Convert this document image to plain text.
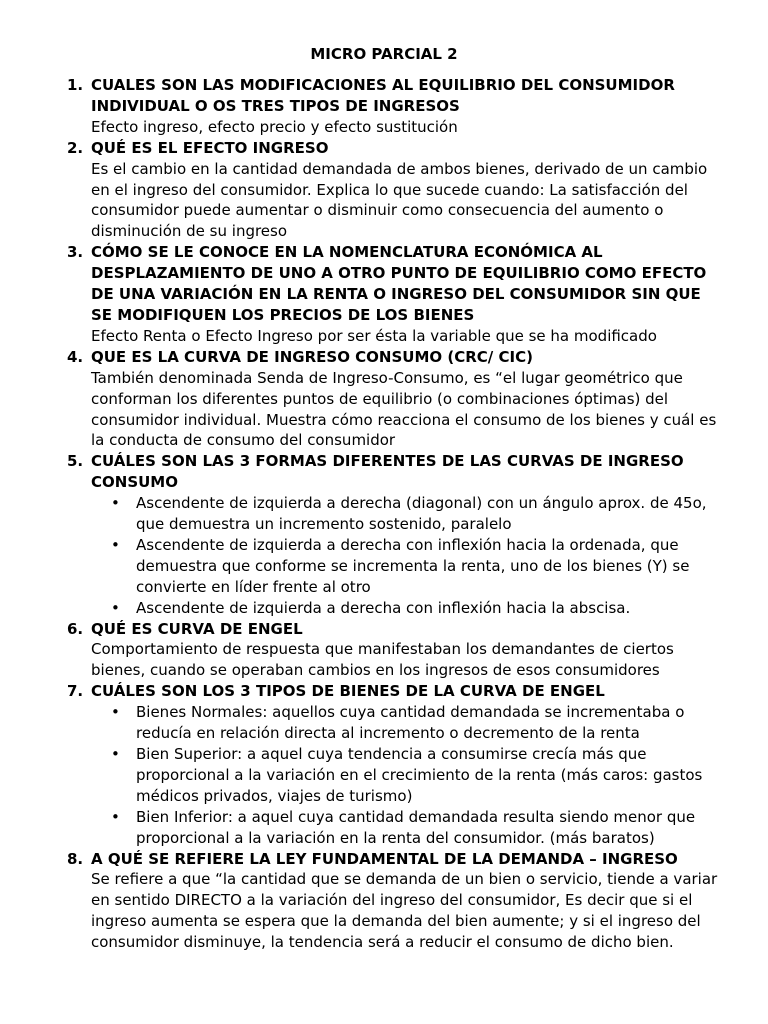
MICRO PARCIAL 2
1. CUALES SON LAS MODIFICACIONES AL EQUILIBRIO DEL CONSUMIDOR INDIVIDUAL O OS TRES TIPOS DE INGRESOS
Efecto ingreso, efecto precio y efecto sustitución
2. QUÉ ES EL EFECTO INGRESO
Es el cambio en la cantidad demandada de ambos bienes, derivado de un cambio en el ingreso del consumidor. Explica lo que sucede cuando: La satisfacción del consumidor puede aumentar o disminuir como consecuencia del aumento o disminución de su ingreso
3. CÓMO SE LE CONOCE EN LA NOMENCLATURA ECONÓMICA AL DESPLAZAMIENTO DE UNO A OTRO PUNTO DE EQUILIBRIO COMO EFECTO DE UNA VARIACIÓN EN LA RENTA O INGRESO DEL CONSUMIDOR SIN QUE SE MODIFIQUEN LOS PRECIOS DE LOS BIENES
Efecto Renta o Efecto Ingreso por ser ésta la variable que se ha modificado
4. QUE ES LA CURVA DE INGRESO CONSUMO (CRC/ CIC)
También denominada Senda de Ingreso-Consumo, es “el lugar geométrico que conforman los diferentes puntos de equilibrio (o combinaciones óptimas) del consumidor individual. Muestra cómo reacciona el consumo de los bienes y cuál es la conducta de consumo del consumidor
5. CUÁLES SON LAS 3 FORMAS DIFERENTES DE LAS CURVAS DE INGRESO CONSUMO
• Ascendente de izquierda a derecha (diagonal) con un ángulo aprox. de 45o, que demuestra un incremento sostenido, paralelo
• Ascendente de izquierda a derecha con inflexión hacia la ordenada, que demuestra que conforme se incrementa la renta, uno de los bienes (Y) se convierte en líder frente al otro
• Ascendente de izquierda a derecha con inflexión hacia la abscisa.
6. QUÉ ES CURVA DE ENGEL
Comportamiento de respuesta que manifestaban los demandantes de ciertos bienes, cuando se operaban cambios en los ingresos de esos consumidores
7. CUÁLES SON LOS 3 TIPOS DE BIENES DE LA CURVA DE ENGEL
• Bienes Normales: aquellos cuya cantidad demandada se incrementaba o reducía en relación directa al incremento o decremento de la renta
• Bien Superior: a aquel cuya tendencia a consumirse crecía más que proporcional a la variación en el crecimiento de la renta (más caros: gastos médicos privados, viajes de turismo)
• Bien Inferior: a aquel cuya cantidad demandada resulta siendo menor que proporcional a la variación en la renta del consumidor. (más baratos)
8. A QUÉ SE REFIERE LA LEY FUNDAMENTAL DE LA DEMANDA – INGRESO
Se refiere a que “la cantidad que se demanda de un bien o servicio, tiende a variar en sentido DIRECTO a la variación del ingreso del consumidor, Es decir que si el ingreso aumenta se espera que la demanda del bien aumente; y si el ingreso del consumidor disminuye, la tendencia será a reducir el consumo de dicho bien.
